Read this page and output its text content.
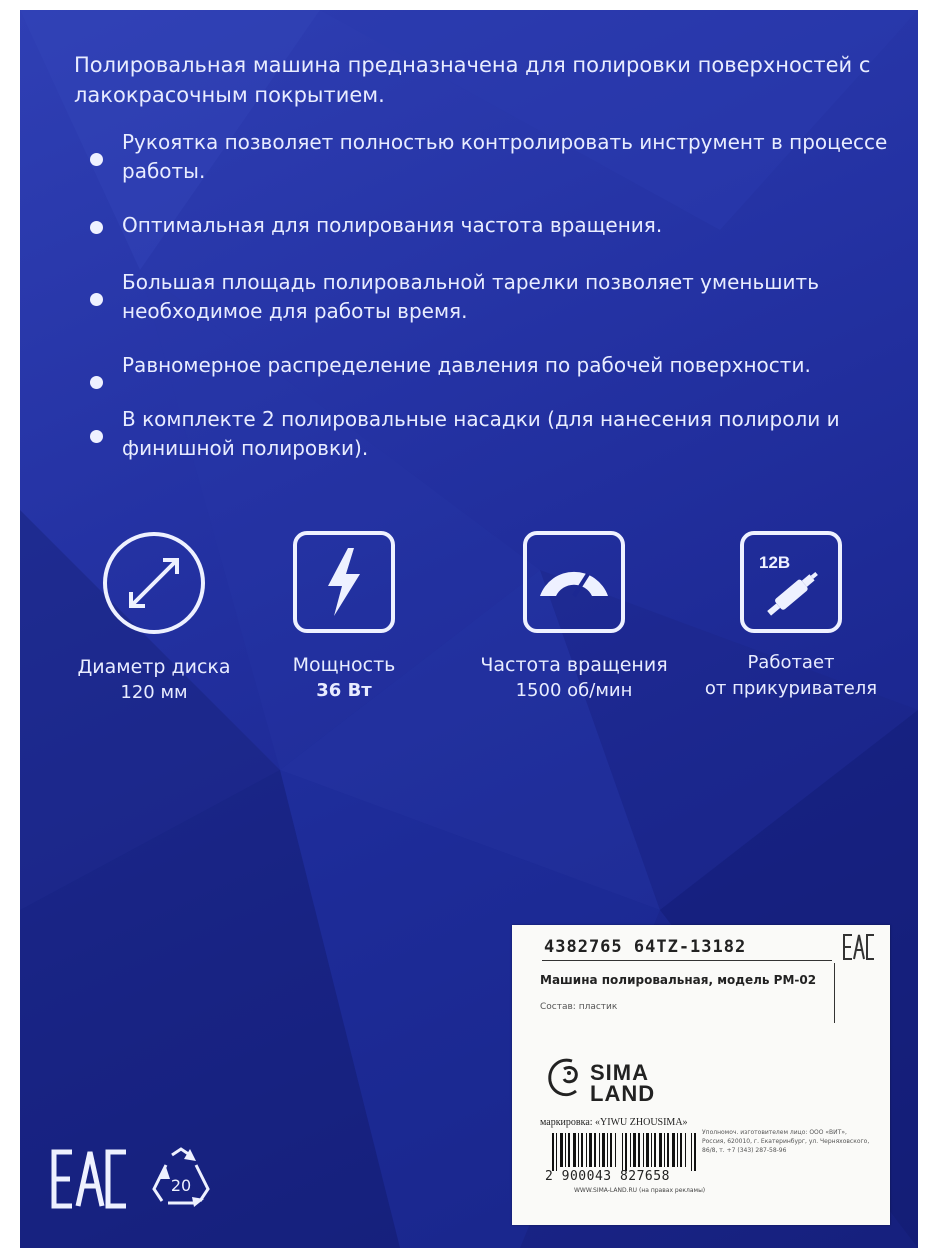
Полировальная машина предназначена для полировки поверхностей с лакокрасочным покрытием.

Рукоятка позволяет полностью контролировать инструмент в процессе работы.
Оптимальная для полирования частота вращения.
Большая площадь полировальной тарелки позволяет уменьшить необходимое для работы время.
Равномерное распределение давления по рабочей поверхности.
В комплекте 2 полировальные насадки (для нанесения полироли и финишной полировки).
Диаметр диска
120 мм
Мощность
36 Вт
Частота вращения
1500 об/мин
12В
Работает
от прикуривателя
20
4382765 64TZ-13182
Машина полировальная, модель PM-02
Состав: пластик
SIMA
LAND
маркировка: «YIWU ZHOUSIMA»
2 900043 827658
Уполномоч. изготовителем лицо: ООО «ВИТ», Россия, 620010, г. Екатеринбург, ул. Черняховского, 86/8, т. +7 (343) 287-58-96
WWW.SIMA-LAND.RU (на правах рекламы)
